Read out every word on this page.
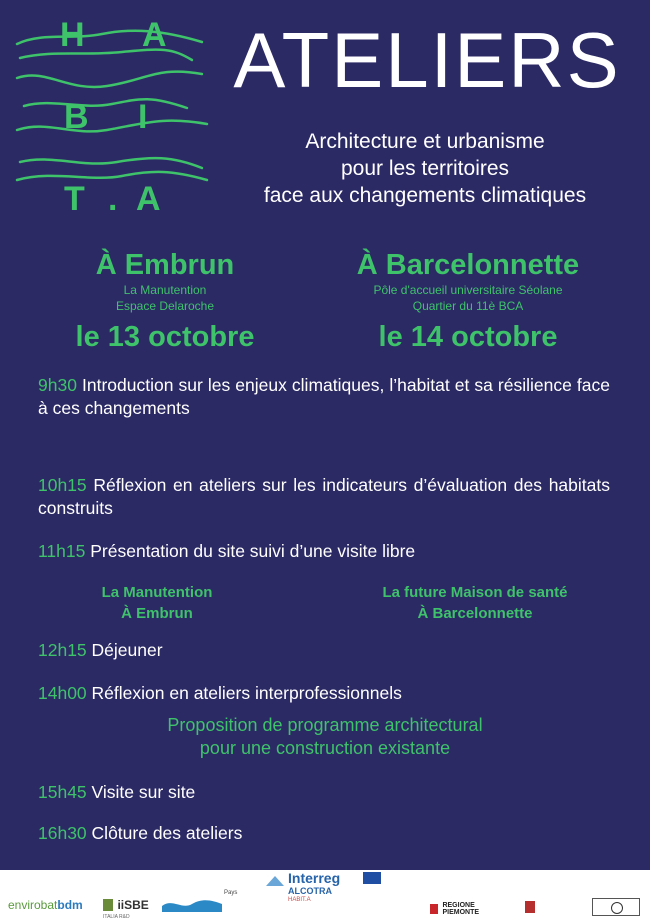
H A
B I
T . A
ATELIERS
Architecture et urbanisme
pour les territoires
face aux changements climatiques
À Embrun
La Manutention
Espace Delaroche
le 13 octobre
À Barcelonnette
Pôle d'accueil universitaire Séolane
Quartier du 11è BCA
le 14 octobre
9h30 Introduction sur les enjeux climatiques, l’habitat et sa résilience face à ces changements
10h15 Réflexion en ateliers sur les indicateurs d’évaluation des habitats construits
11h15 Présentation du site suivi d’une visite libre
La Manutention
À Embrun
La future Maison de santé
À Barcelonnette
12h15 Déjeuner
14h00 Réflexion en ateliers interprofessionnels
Proposition de programme architectural
pour une construction existante
15h45 Visite sur site
16h30 Clôture des ateliers
envirobatbdm	iiSBE
ITALIA R&D
Pays
Interreg
ALCOTRA
HABIT.A

REGIONE
PIEMONTE
